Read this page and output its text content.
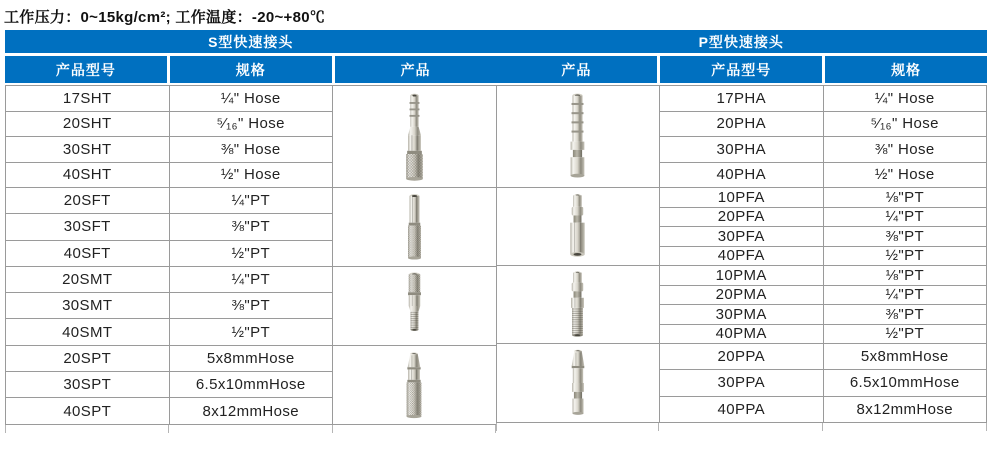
工作压力：0~15kg/cm²; 工作温度：-20~+80℃
S型快速接头
产品型号	规格	产品
17SHT	¼" Hose	

20SHT	⁵⁄₁₆" Hose	
30SHT	⅜" Hose	
40SHT	½" Hose	
20SFT	¼"PT	

30SFT	⅜"PT	
40SFT	½"PT	
20SMT	¼"PT	

30SMT	⅜"PT	
40SMT	½"PT	
20SPT	5x8mmHose	

30SPT	6.5x10mmHose	
40SPT	8x12mmHose	
P型快速接头
产品	产品型号	规格
	17PHA	¼" Hose
	20PHA	⁵⁄₁₆" Hose
	30PHA	⅜" Hose
	40PHA	½" Hose

	10PFA	⅛"PT
	20PFA	¼"PT
	30PFA	⅜"PT
	40PFA	½"PT

	10PMA	⅛"PT
	20PMA	¼"PT
	30PMA	⅜"PT
	40PMA	½"PT

	20PPA	5x8mmHose
	30PPA	6.5x10mmHose
	40PPA	8x12mmHose
